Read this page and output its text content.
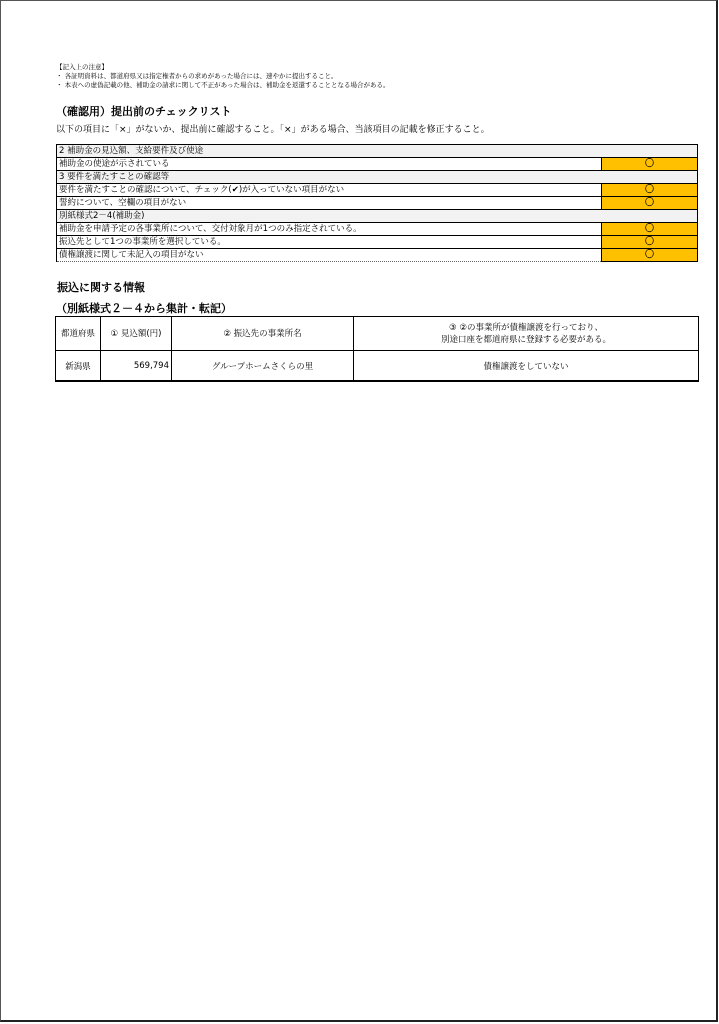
【記入上の注意】
・ 各証明資料は、都道府県又は指定権者からの求めがあった場合には、速やかに提出すること。
・ 本表への虚偽記載の他、補助金の請求に関して不正があった場合は、補助金を返還することとなる場合がある。
（確認用）提出前のチェックリスト
以下の項目に「×」がないか、提出前に確認すること。「×」がある場合、当該項目の記載を修正すること。
2 補助金の見込額、支給要件及び使途	
補助金の使途が示されている	〇
3 要件を満たすことの確認等	
要件を満たすことの確認について、チェック(✔)が入っていない項目がない	〇
誓約について、空欄の項目がない	〇
別紙様式2－4(補助金)	
補助金を申請予定の各事業所について、交付対象月が1つのみ指定されている。	〇
振込先として1つの事業所を選択している。	〇
債権譲渡に関して未記入の項目がない	〇
振込に関する情報
（別紙様式２－４から集計・転記）
都道府県	① 見込額(円)	② 振込先の事業所名	③ ②の事業所が債権譲渡を行っており、
別途口座を都道府県に登録する必要がある。

新潟県	569,794	グループホームさくらの里	債権譲渡をしていない
